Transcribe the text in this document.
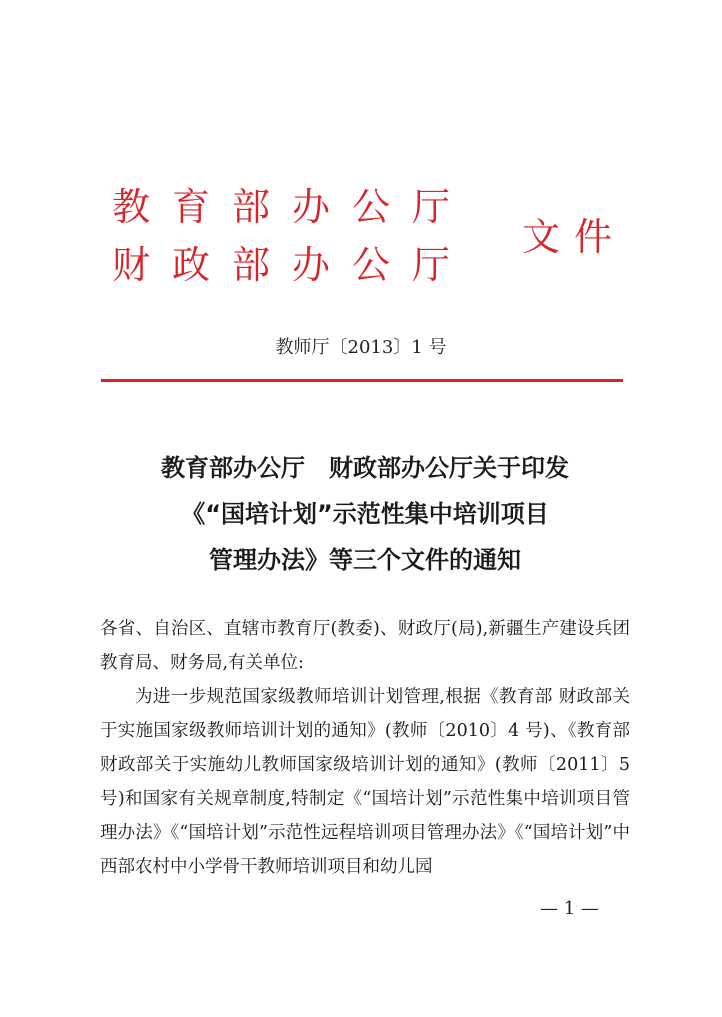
教育部办公厅
财政部办公厅
文件
教师厅〔2013〕1 号
教育部办公厅　财政部办公厅关于印发
《“国培计划”示范性集中培训项目
管理办法》等三个文件的通知

各省、自治区、直辖市教育厅(教委)、财政厅(局),新疆生产建设兵团教育局、财务局,有关单位:

为进一步规范国家级教师培训计划管理,根据《教育部 财政部关于实施国家级教师培训计划的通知》(教师〔2010〕4 号)、《教育部 财政部关于实施幼儿教师国家级培训计划的通知》(教师〔2011〕5 号)和国家有关规章制度,特制定《“国培计划”示范性集中培训项目管理办法》《“国培计划”示范性远程培训项目管理办法》《“国培计划”中西部农村中小学骨干教师培训项目和幼儿园

— 1 —
